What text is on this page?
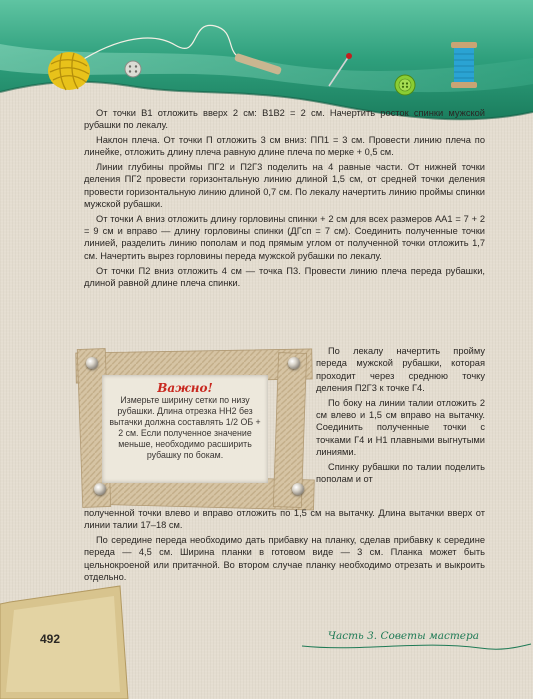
От точки В1 отложить вверх 2 см: В1В2 = 2 см. Начертить росток спинки мужской рубашки по лекалу.

Наклон плеча. От точки П отложить 3 см вниз: ПП1 = 3 см. Провести линию плеча по линейке, отложить длину плеча равную длине плеча по мерке + 0,5 см.

Линии глубины проймы ПГ2 и П2Г3 поделить на 4 равные части. От нижней точки деления ПГ2 провести горизонтальную линию длиной 1,5 см, от средней точки деления провести горизонтальную линию длиной 0,7 см. По лекалу начертить линию проймы спинки мужской рубашки.

От точки А вниз отложить длину горловины спинки + 2 см для всех размеров АА1 = 7 + 2 = 9 см и вправо — длину горловины спинки (ДГсп = 7 см). Соединить полученные точки линией, разделить линию пополам и под прямым углом от полученной точки отложить 1,7 см. Начертить вырез горловины переда мужской рубашки по лекалу.

От точки П2 вниз отложить 4 см — точка П3. Провести линию плеча переда рубашки, длиной равной длине плеча спинки.

Важно!
Измерьте ширину сетки по низу рубашки. Длина отрезка НН2 без вытачки должна составлять 1/2 ОБ + 2 см. Если полученное значение меньше, необходимо расширить рубашку по бокам.

По лекалу начертить пройму переда мужской рубашки, которая проходит через среднюю точку деления П2Г3 к точке Г4.

По боку на линии талии отложить 2 см влево и 1,5 см вправо на вытачку. Соединить полученные точки с точками Г4 и Н1 плавными выгнутыми линиями.

Спинку рубашки по талии поделить пополам и от

полученной точки влево и вправо отложить по 1,5 см на вытачку. Длина вытачки вверх от линии талии 17–18 см.

По середине переда необходимо дать прибавку на планку, сделав прибавку к середине переда — 4,5 см. Ширина планки в готовом виде — 3 см. Планка может быть цельнокроеной или притачной. Во втором случае планку необходимо отрезать и выкроить отдельно.

492	Часть 3. Советы мастера
